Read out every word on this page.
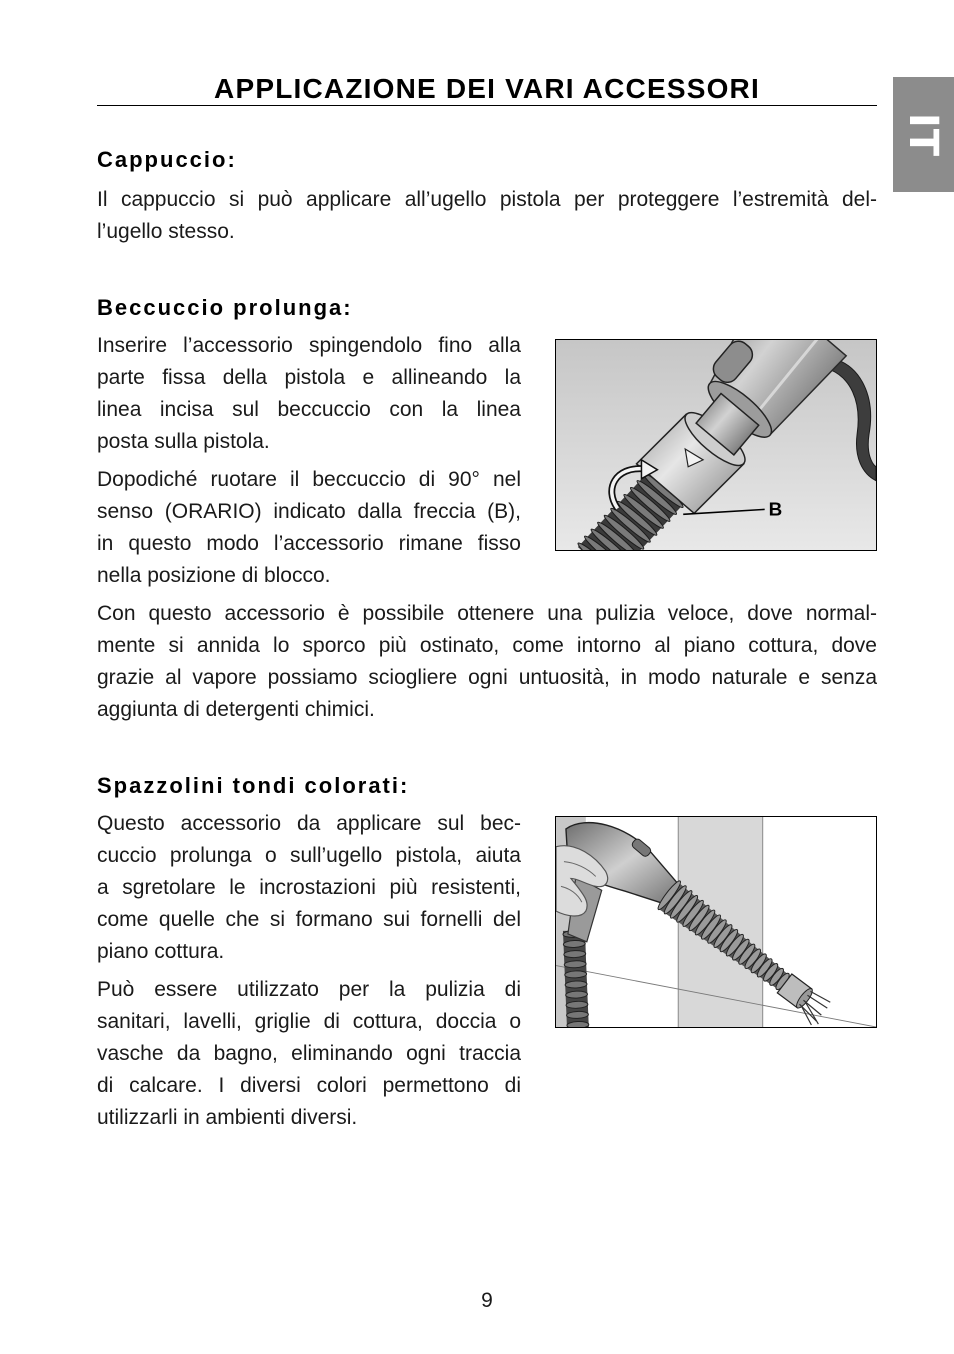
IT
APPLICAZIONE DEI VARI ACCESSORI
Cappuccio:
Il cappuccio si può applicare all’ugello pistola per proteggere l’estremità del-
l’ugello stesso.
Beccuccio prolunga:
Inserire l’accessorio spingendolo fino alla
parte fissa della pistola e allineando la
linea incisa sul beccuccio con la linea
posta sulla pistola.
Dopodiché ruotare il beccuccio di 90° nel
senso (ORARIO) indicato dalla freccia (B),
in questo modo l’accessorio rimane fisso
nella posizione di blocco.
B
Con questo accessorio è possibile ottenere una pulizia veloce, dove normal-
mente si annida lo sporco più ostinato, come intorno al piano cottura, dove
grazie al vapore possiamo sciogliere ogni untuosità, in modo naturale e senza
aggiunta di detergenti chimici.
Spazzolini tondi colorati:
Questo accessorio da applicare sul bec-
cuccio prolunga o sull’ugello pistola, aiuta
a sgretolare le incrostazioni più resistenti,
come quelle che si formano sui fornelli del
piano cottura.
Può essere utilizzato per la pulizia di
sanitari, lavelli, griglie di cottura, doccia o
vasche da bagno, eliminando ogni traccia
di calcare. I diversi colori permettono di
utilizzarli in ambienti diversi.
9
